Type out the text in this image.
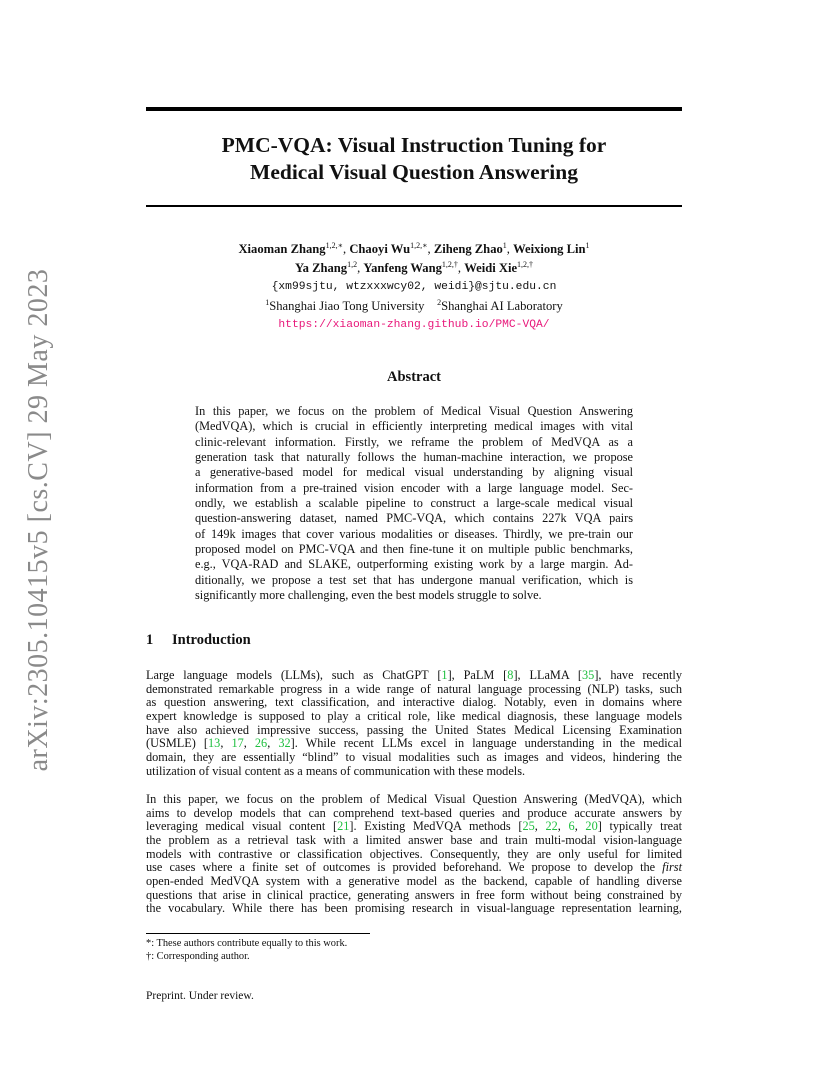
arXiv:2305.10415v5 [cs.CV] 29 May 2023
PMC-VQA: Visual Instruction Tuning for
Medical Visual Question Answering
Xiaoman Zhang$^{1,2,∗}$, Chaoyi $Wu^{1,2,∗}$, Ziheng Zhao$^1$, Weixiong Lin$^1$
Ya Zhang$^{1,2}$, Yanfeng Wang$^{1,2,\dagger}$, Weidi Xie$^{1,2,\dagger}$
{xm99sjtu, wtzxxxwcy02, weidi}@sjtu.edu.cn
$^1$Shanghai Jiao Tong University $^2$Shanghai AI Laboratory
https://xiaoman-zhang.github.io/PMC-VQA/
Abstract
In this paper, we focus on the problem of Medical Visual Question Answering
(MedVQA), which is crucial in efficiently interpreting medical images with vital
clinic-relevant information. Firstly, we reframe the problem of MedVQA as a
generation task that naturally follows the human-machine interaction, we propose
a generative-based model for medical visual understanding by aligning visual
information from a pre-trained vision encoder with a large language model. Sec-
ondly, we establish a scalable pipeline to construct a large-scale medical visual
question-answering dataset, named PMC-VQA, which contains 227k VQA pairs
of 149k images that cover various modalities or diseases. Thirdly, we pre-train our
proposed model on PMC-VQA and then fine-tune it on multiple public benchmarks,
e.g., VQA-RAD and SLAKE, outperforming existing work by a large margin. Ad-
ditionally, we propose a test set that has undergone manual verification, which is
significantly more challenging, even the best models struggle to solve.
1 Introduction
Large language models (LLMs), such as ChatGPT [1], PaLM [8], LLaMA [35], have recently
demonstrated remarkable progress in a wide range of natural language processing (NLP) tasks, such
as question answering, text classification, and interactive dialog. Notably, even in domains where
expert knowledge is supposed to play a critical role, like medical diagnosis, these language models
have also achieved impressive success, passing the United States Medical Licensing Examination
(USMLE) [13, 17, 26, 32]. While recent LLMs excel in language understanding in the medical
domain, they are essentially “blind” to visual modalities such as images and videos, hindering the
utilization of visual content as a means of communication with these models.
In this paper, we focus on the problem of Medical Visual Question Answering (MedVQA), which
aims to develop models that can comprehend text-based queries and produce accurate answers by
leveraging medical visual content [21]. Existing MedVQA methods [25, 22, 6, 20] typically treat
the problem as a retrieval task with a limited answer base and train multi-modal vision-language
models with contrastive or classification objectives. Consequently, they are only useful for limited
use cases where a finite set of outcomes is provided beforehand. We propose to develop the first
open-ended MedVQA system with a generative model as the backend, capable of handling diverse
questions that arise in clinical practice, generating answers in free form without being constrained by
the vocabulary. While there has been promising research in visual-language representation learning,
*: These authors contribute equally to this work.
†: Corresponding author.
Preprint. Under review.
